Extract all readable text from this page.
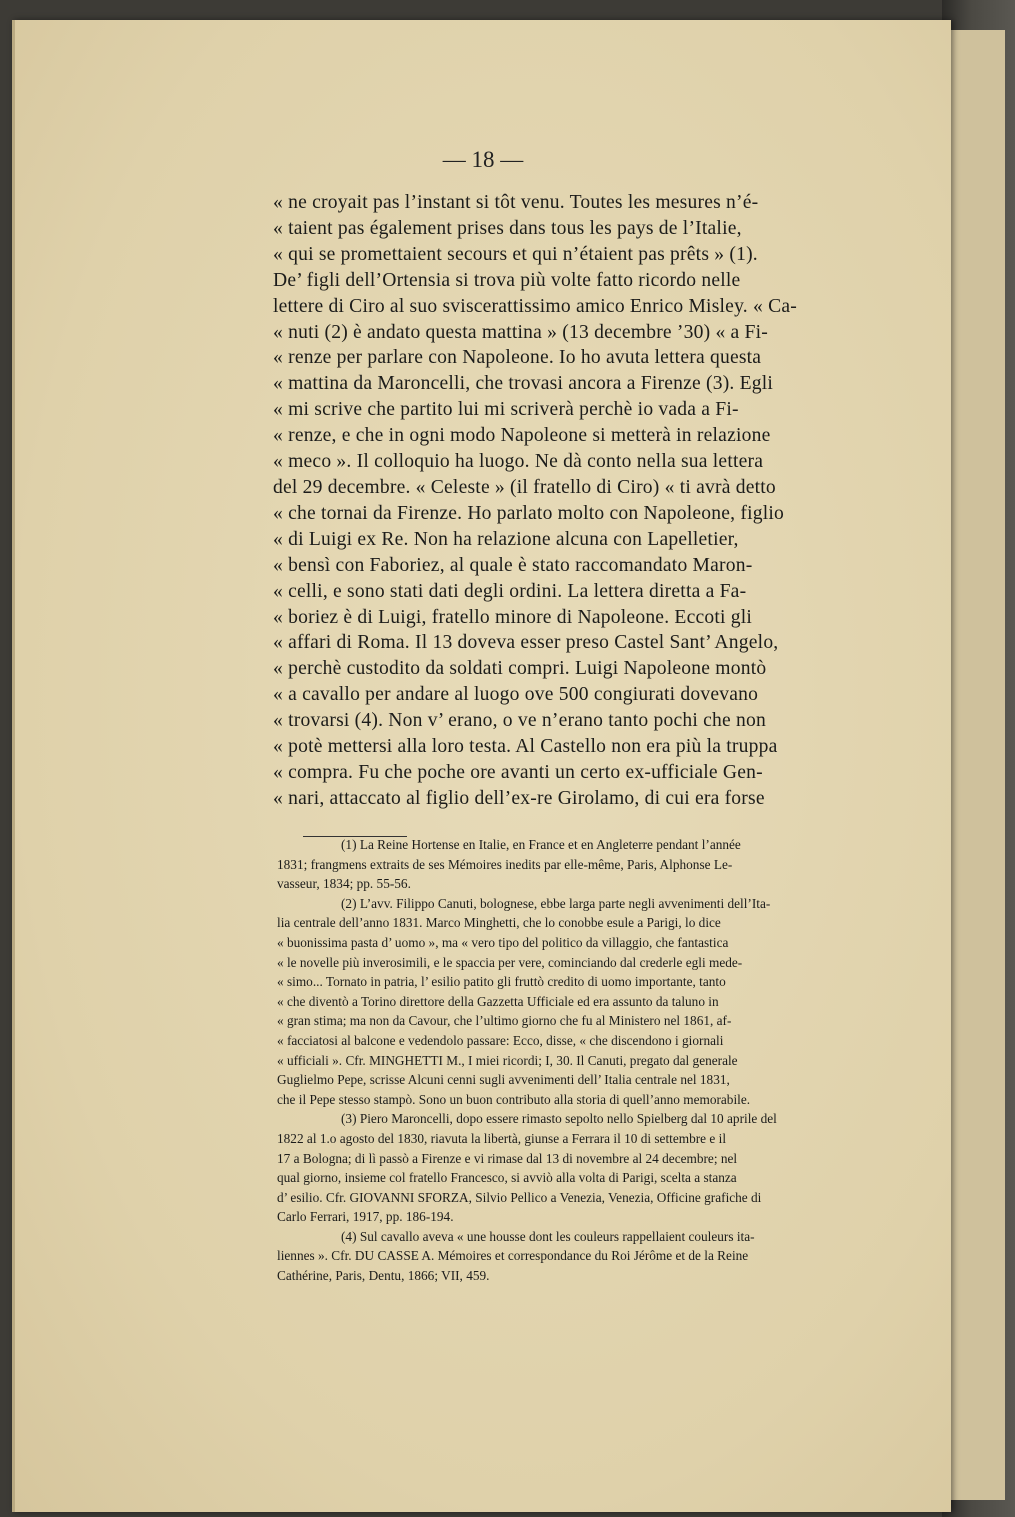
— 18 —
« ne croyait pas l’instant si tôt venu. Toutes les mesures n’é-
« taient pas également prises dans tous les pays de l’Italie,
« qui se promettaient secours et qui n’étaient pas prêts » (1).
De’ figli dell’Ortensia si trova più volte fatto ricordo nelle
lettere di Ciro al suo sviscerattissimo amico Enrico Misley. « Ca-
« nuti (2) è andato questa mattina » (13 decembre ’30) « a Fi-
« renze per parlare con Napoleone. Io ho avuta lettera questa
« mattina da Maroncelli, che trovasi ancora a Firenze (3). Egli
« mi scrive che partito lui mi scriverà perchè io vada a Fi-
« renze, e che in ogni modo Napoleone si metterà in relazione
« meco ». Il colloquio ha luogo. Ne dà conto nella sua lettera
del 29 decembre. « Celeste » (il fratello di Ciro) « ti avrà detto
« che tornai da Firenze. Ho parlato molto con Napoleone, figlio
« di Luigi ex Re. Non ha relazione alcuna con Lapelletier,
« bensì con Faboriez, al quale è stato raccomandato Maron-
« celli, e sono stati dati degli ordini. La lettera diretta a Fa-
« boriez è di Luigi, fratello minore di Napoleone. Eccoti gli
« affari di Roma. Il 13 doveva esser preso Castel Sant’ Angelo,
« perchè custodito da soldati compri. Luigi Napoleone montò
« a cavallo per andare al luogo ove 500 congiurati dovevano
« trovarsi (4). Non v’ erano, o ve n’erano tanto pochi che non
« potè mettersi alla loro testa. Al Castello non era più la truppa
« compra. Fu che poche ore avanti un certo ex-ufficiale Gen-
« nari, attaccato al figlio dell’ex-re Girolamo, di cui era forse
(1) La Reine Hortense en Italie, en France et en Angleterre pendant l’année
1831; frangmens extraits de ses Mémoires inedits par elle-même, Paris, Alphonse Le-
vasseur, 1834; pp. 55-56.
(2) L’avv. Filippo Canuti, bolognese, ebbe larga parte negli avvenimenti dell’Ita-
lia centrale dell’anno 1831. Marco Minghetti, che lo conobbe esule a Parigi, lo dice
« buonissima pasta d’ uomo », ma « vero tipo del politico da villaggio, che fantastica
« le novelle più inverosimili, e le spaccia per vere, cominciando dal crederle egli mede-
« simo... Tornato in patria, l’ esilio patito gli fruttò credito di uomo importante, tanto
« che diventò a Torino direttore della Gazzetta Ufficiale ed era assunto da taluno in
« gran stima; ma non da Cavour, che l’ultimo giorno che fu al Ministero nel 1861, af-
« facciatosi al balcone e vedendolo passare: Ecco, disse, « che discendono i giornali
« ufficiali ». Cfr. MINGHETTI M., I miei ricordi; I, 30. Il Canuti, pregato dal generale
Guglielmo Pepe, scrisse Alcuni cenni sugli avvenimenti dell’ Italia centrale nel 1831,
che il Pepe stesso stampò. Sono un buon contributo alla storia di quell’anno memorabile.
(3) Piero Maroncelli, dopo essere rimasto sepolto nello Spielberg dal 10 aprile del
1822 al 1.o agosto del 1830, riavuta la libertà, giunse a Ferrara il 10 di settembre e il
17 a Bologna; di lì passò a Firenze e vi rimase dal 13 di novembre al 24 decembre; nel
qual giorno, insieme col fratello Francesco, si avviò alla volta di Parigi, scelta a stanza
d’ esilio. Cfr. GIOVANNI SFORZA, Silvio Pellico a Venezia, Venezia, Officine grafiche di
Carlo Ferrari, 1917, pp. 186-194.
(4) Sul cavallo aveva « une housse dont les couleurs rappellaient couleurs ita-
liennes ». Cfr. DU CASSE A. Mémoires et correspondance du Roi Jérôme et de la Reine
Cathérine, Paris, Dentu, 1866; VII, 459.
